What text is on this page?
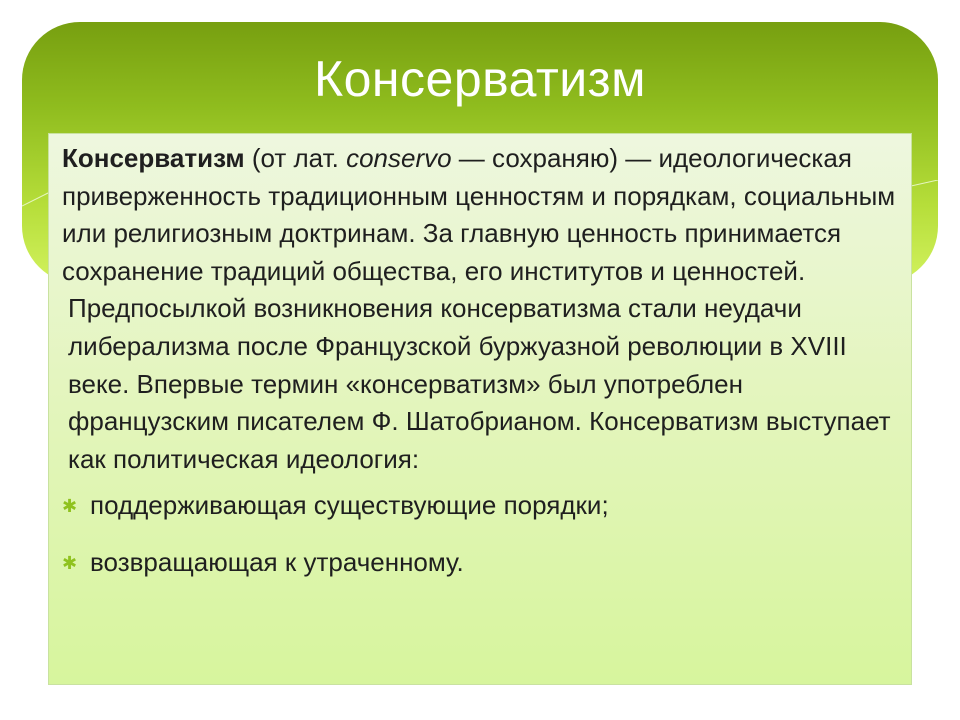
Консерватизм

Консерватизм (от лат. conservo — сохраняю) — идеологическая приверженность традиционным ценностям и порядкам, социальным или религиозным доктринам. За главную ценность принимается сохранение традиций общества, его институтов и ценностей.

Предпосылкой возникновения консерватизма стали неудачи либерализма после Французской буржуазной революции в XVIII веке. Впервые термин «консерватизм» был употреблен французским писателем Ф. Шатобрианом. Консерватизм выступает как политическая идеология:

✱ поддерживающая существующие порядки;
✱ возвращающая к утраченному.
